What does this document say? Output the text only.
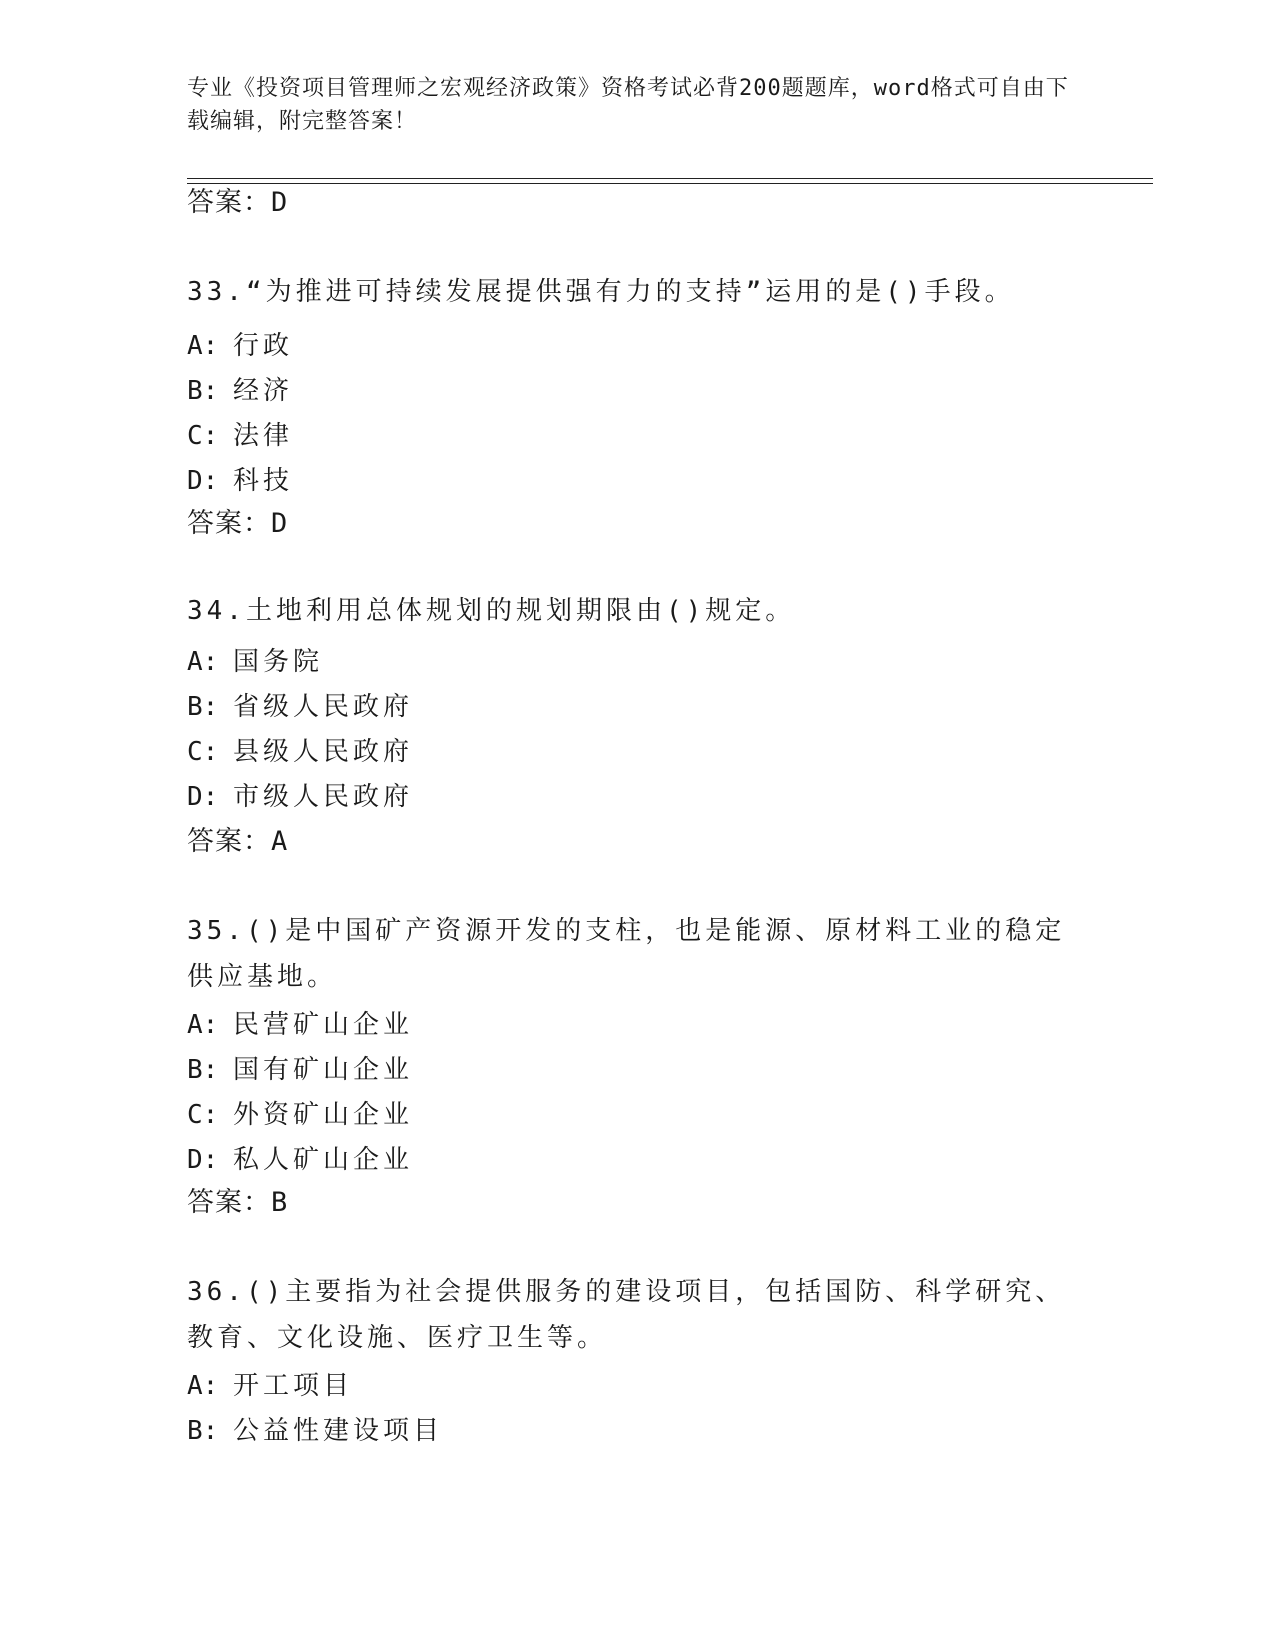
专业《投资项目管理师之宏观经济政策》资格考试必背200题题库，word格式可自由下载编辑，附完整答案！
答案：D
33.“为推进可持续发展提供强有力的支持”运用的是()手段。
A: 行政
B: 经济
C: 法律
D: 科技
答案：D
34.土地利用总体规划的规划期限由()规定。
A: 国务院
B: 省级人民政府
C: 县级人民政府
D: 市级人民政府
答案：A
35.()是中国矿产资源开发的支柱，也是能源、原材料工业的稳定供应基地。
A: 民营矿山企业
B: 国有矿山企业
C: 外资矿山企业
D: 私人矿山企业
答案：B
36.()主要指为社会提供服务的建设项目，包括国防、科学研究、教育、文化设施、医疗卫生等。
A: 开工项目
B: 公益性建设项目
